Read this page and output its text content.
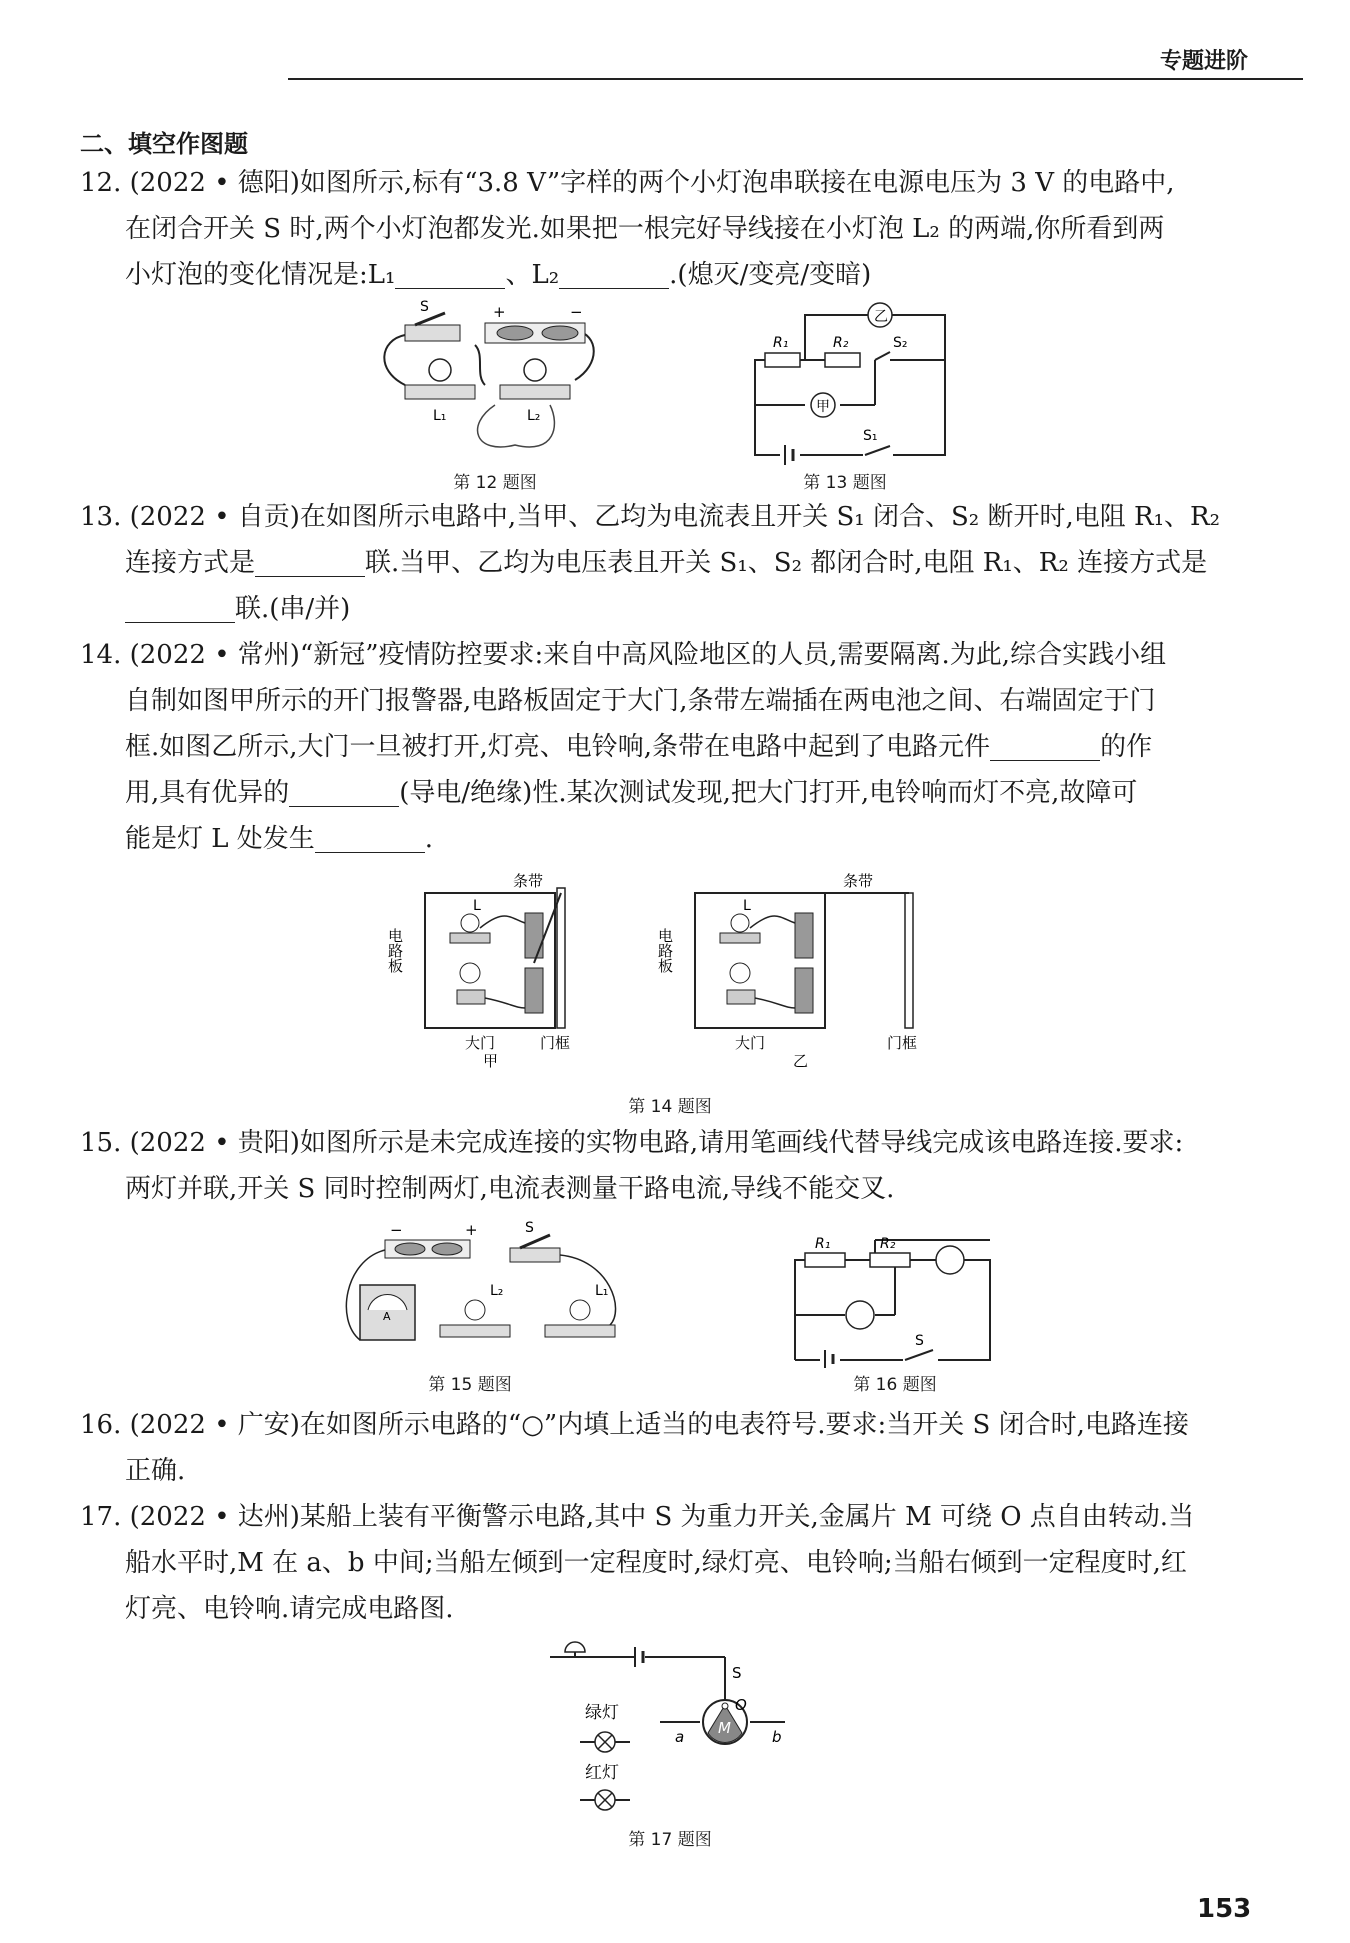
专题进阶
二、填空作图题
12. (2022 • 德阳)如图所示,标有“3.8 V”字样的两个小灯泡串联接在电源电压为 3 V 的电路中,
在闭合开关 S 时,两个小灯泡都发光.如果把一根完好导线接在小灯泡 L₂ 的两端,你所看到两
小灯泡的变化情况是:L₁	、L₂	.(熄灭/变亮/变暗)
S	+	−
L₁	L₂
第 12 题图
乙
甲
R₁	R₂	S₂
S₁
第 13 题图
13. (2022 • 自贡)在如图所示电路中,当甲、乙均为电流表且开关 S₁ 闭合、S₂ 断开时,电阻 R₁、R₂
连接方式是	联.当甲、乙均为电压表且开关 S₁、S₂ 都闭合时,电阻 R₁、R₂ 连接方式是
联.(串/并)
14. (2022 • 常州)“新冠”疫情防控要求:来自中高风险地区的人员,需要隔离.为此,综合实践小组
自制如图甲所示的开门报警器,电路板固定于大门,条带左端插在两电池之间、右端固定于门
框.如图乙所示,大门一旦被打开,灯亮、电铃响,条带在电路中起到了电路元件	的作
用,具有优异的	(导电/绝缘)性.某次测试发现,把大门打开,电铃响而灯不亮,故障可
能是灯 L 处发生	.
条带
电路板
L
大门	门框
甲
条带
电路板
L
大门	门框
乙
第 14 题图
15. (2022 • 贵阳)如图所示是未完成连接的实物电路,请用笔画线代替导线完成该电路连接.要求:
两灯并联,开关 S 同时控制两灯,电流表测量干路电流,导线不能交叉.
−	+	S
A
L₂	L₁
第 15 题图
R₁	R₂
S
第 16 题图
16. (2022 • 广安)在如图所示电路的“○”内填上适当的电表符号.要求:当开关 S 闭合时,电路连接
正确.
17. (2022 • 达州)某船上装有平衡警示电路,其中 S 为重力开关,金属片 M 可绕 O 点自由转动.当
船水平时,M 在 a、b 中间;当船左倾到一定程度时,绿灯亮、电铃响;当船右倾到一定程度时,红
灯亮、电铃响.请完成电路图.
S
O
M
a	b
绿灯
红灯
第 17 题图
153
